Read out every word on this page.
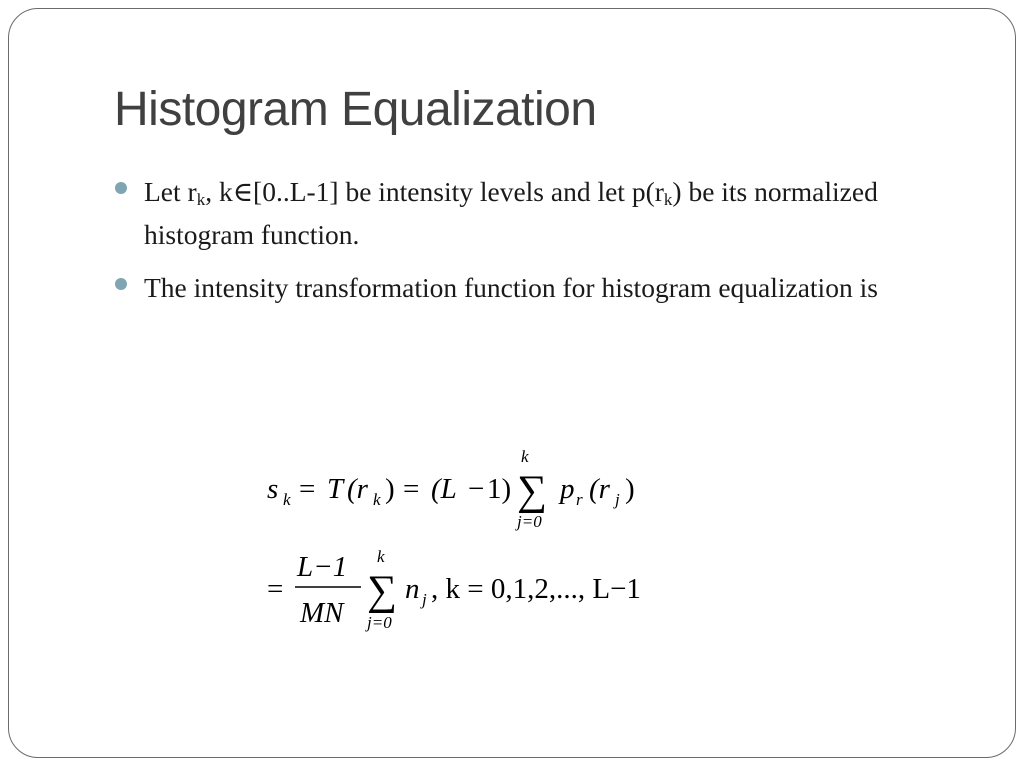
Histogram Equalization
Let $r_k$, k∈[0..L-1] be intensity levels and let $p(r_k)$ be its normalized histogram function.
The intensity transformation function for histogram equalization is
s k = T (r k ) = (L − 1)
k
∑
j=0
p r (r j )
=
L−1
MN
k
∑
j=0
n j , k = 0,1,2,..., L−1
